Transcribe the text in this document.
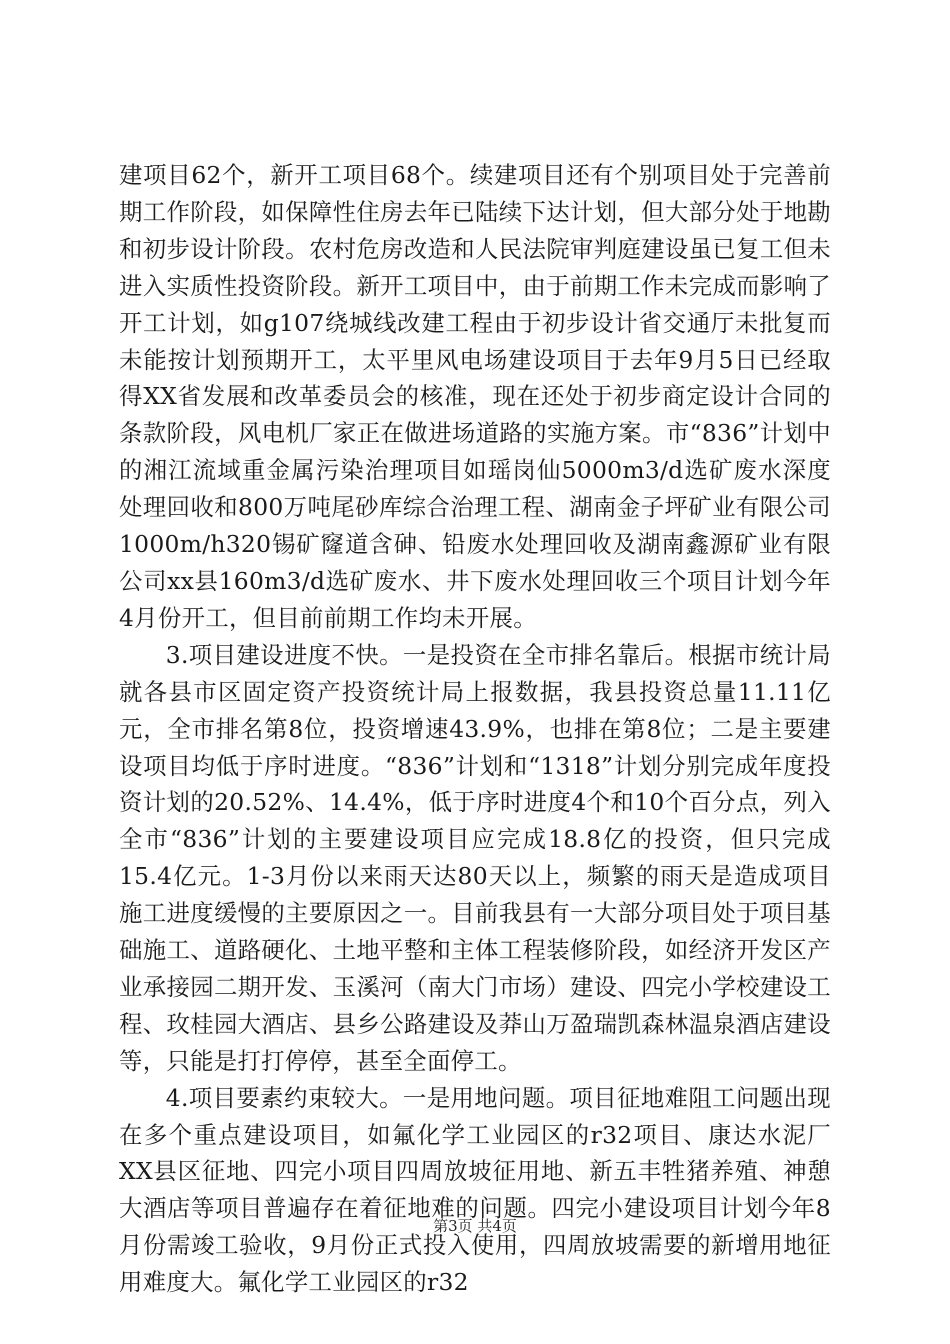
建项目62个，新开工项目68个。续建项目还有个别项目处于完善前期工作阶段，如保障性住房去年已陆续下达计划，但大部分处于地勘和初步设计阶段。农村危房改造和人民法院审判庭建设虽已复工但未进入实质性投资阶段。新开工项目中，由于前期工作未完成而影响了开工计划，如g107绕城线改建工程由于初步设计省交通厅未批复而未能按计划预期开工，太平里风电场建设项目于去年9月5日已经取得XX省发展和改革委员会的核准，现在还处于初步商定设计合同的条款阶段，风电机厂家正在做进场道路的实施方案。市“836”计划中的湘江流域重金属污染治理项目如瑶岗仙5000m3/d选矿废水深度处理回收和800万吨尾砂库综合治理工程、湖南金子坪矿业有限公司1000m/h320锡矿窿道含砷、铅废水处理回收及湖南鑫源矿业有限公司xx县160m3/d选矿废水、井下废水处理回收三个项目计划今年4月份开工，但目前前期工作均未开展。

3.项目建设进度不快。一是投资在全市排名靠后。根据市统计局就各县市区固定资产投资统计局上报数据，我县投资总量11.11亿元，全市排名第8位，投资增速43.9%，也排在第8位；二是主要建设项目均低于序时进度。“836”计划和“1318”计划分别完成年度投资计划的20.52%、14.4%，低于序时进度4个和10个百分点，列入全市“836”计划的主要建设项目应完成18.8亿的投资，但只完成15.4亿元。1-3月份以来雨天达80天以上，频繁的雨天是造成项目施工进度缓慢的主要原因之一。目前我县有一大部分项目处于项目基础施工、道路硬化、土地平整和主体工程装修阶段，如经济开发区产业承接园二期开发、玉溪河（南大门市场）建设、四完小学校建设工程、玫桂园大酒店、县乡公路建设及莽山万盈瑞凯森林温泉酒店建设等，只能是打打停停，甚至全面停工。

4.项目要素约束较大。一是用地问题。项目征地难阻工问题出现在多个重点建设项目，如氟化学工业园区的r32项目、康达水泥厂XX县区征地、四完小项目四周放坡征用地、新五丰牲猪养殖、神憩大酒店等项目普遍存在着征地难的问题。四完小建设项目计划今年8月份需竣工验收，9月份正式投入使用，四周放坡需要的新增用地征用难度大。氟化学工业园区的r32

第3页 共4页
